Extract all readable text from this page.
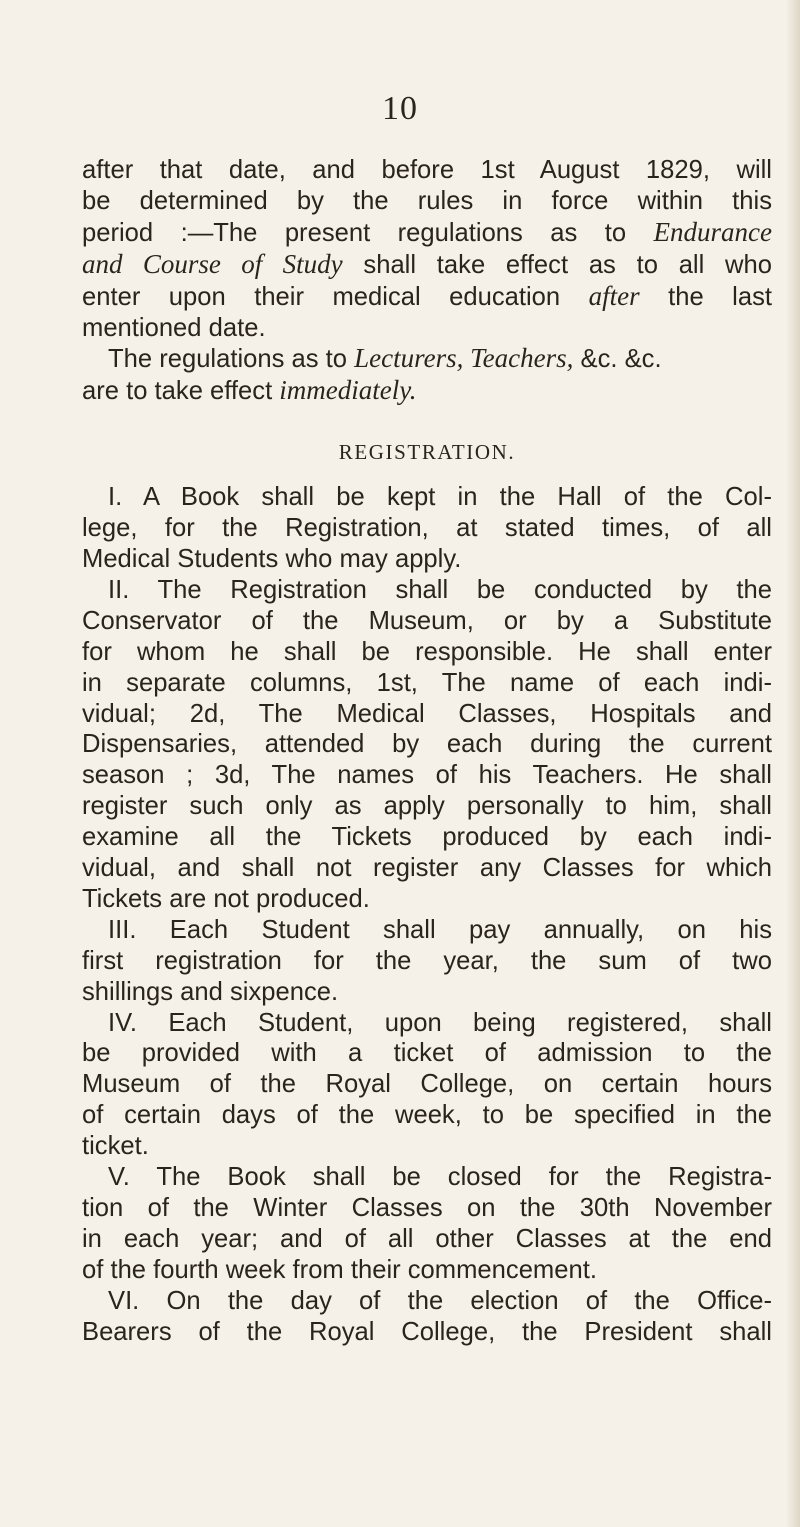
10
after that date, and before 1st August 1829, will
be determined by the rules in force within this
period :—The present regulations as to Endurance
and Course of Study shall take effect as to all who
enter upon their medical education after the last
mentioned date.
The regulations as to Lecturers, Teachers, &c. &c.
are to take effect immediately.
REGISTRATION.
I. A Book shall be kept in the Hall of the Col-
lege, for the Registration, at stated times, of all
Medical Students who may apply.
II. The Registration shall be conducted by the
Conservator of the Museum, or by a Substitute
for whom he shall be responsible. He shall enter
in separate columns, 1st, The name of each indi-
vidual; 2d, The Medical Classes, Hospitals and
Dispensaries, attended by each during the current
season ; 3d, The names of his Teachers. He shall
register such only as apply personally to him, shall
examine all the Tickets produced by each indi-
vidual, and shall not register any Classes for which
Tickets are not produced.
III. Each Student shall pay annually, on his
first registration for the year, the sum of two
shillings and sixpence.
IV. Each Student, upon being registered, shall
be provided with a ticket of admission to the
Museum of the Royal College, on certain hours
of certain days of the week, to be specified in the
ticket.
V. The Book shall be closed for the Registra-
tion of the Winter Classes on the 30th November
in each year; and of all other Classes at the end
of the fourth week from their commencement.
VI. On the day of the election of the Office-
Bearers of the Royal College, the President shall
